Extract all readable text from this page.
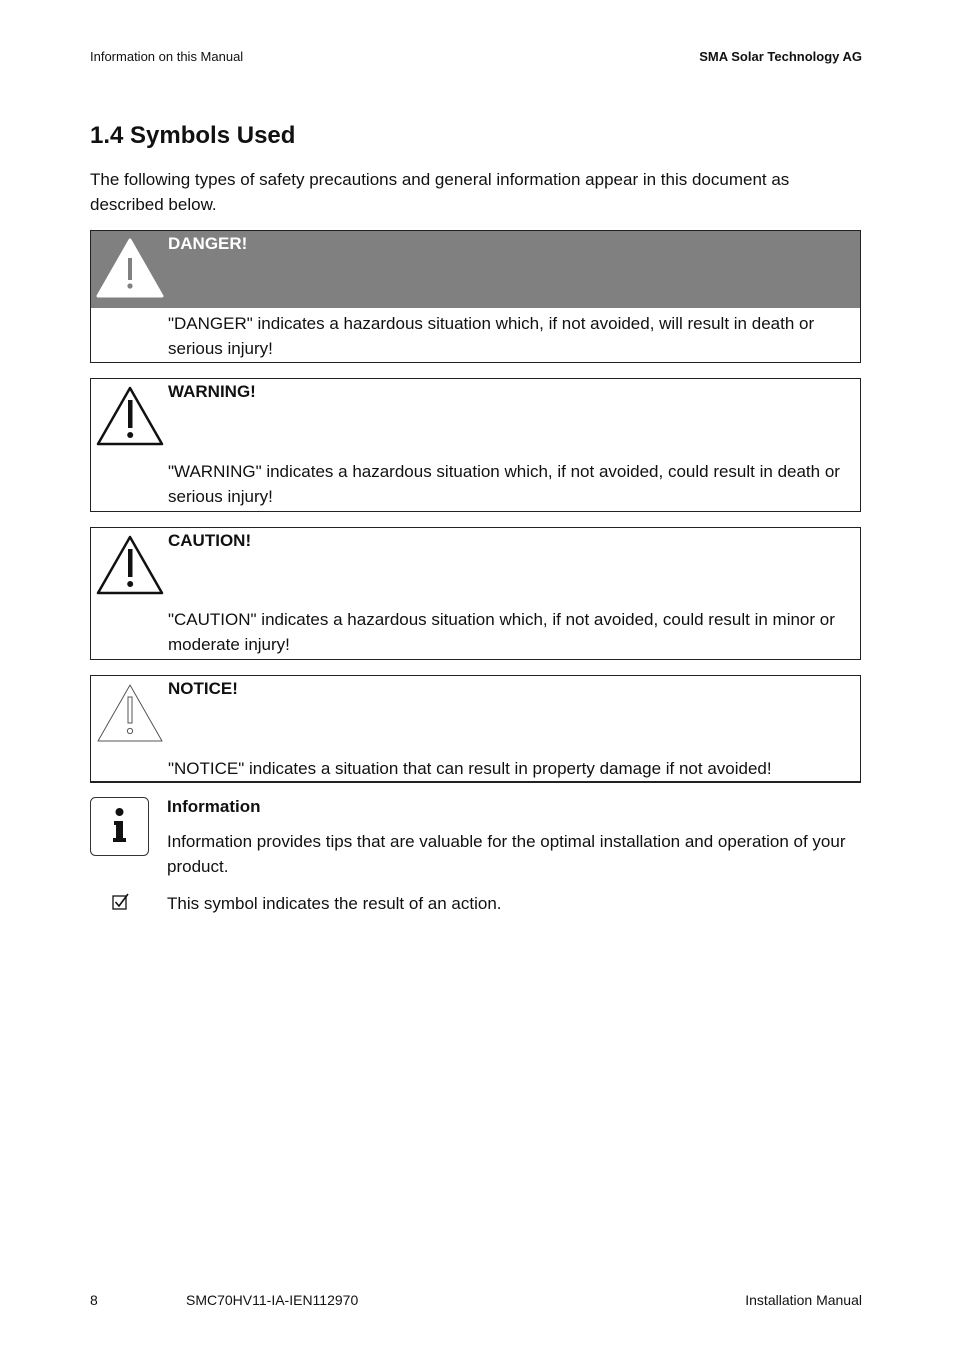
Information on this Manual	SMA Solar Technology AG
1.4 Symbols Used

The following types of safety precautions and general information appear in this document as described below.

DANGER!

"DANGER" indicates a hazardous situation which, if not avoided, will result in death or serious injury!

WARNING!

"WARNING" indicates a hazardous situation which, if not avoided, could result in death or serious injury!

CAUTION!

"CAUTION" indicates a hazardous situation which, if not avoided, could result in minor or moderate injury!

NOTICE!

"NOTICE" indicates a situation that can result in property damage if not avoided!

Information

Information provides tips that are valuable for the optimal installation and operation of your product.

This symbol indicates the result of an action.
8	SMC70HV11-IA-IEN112970	Installation Manual
